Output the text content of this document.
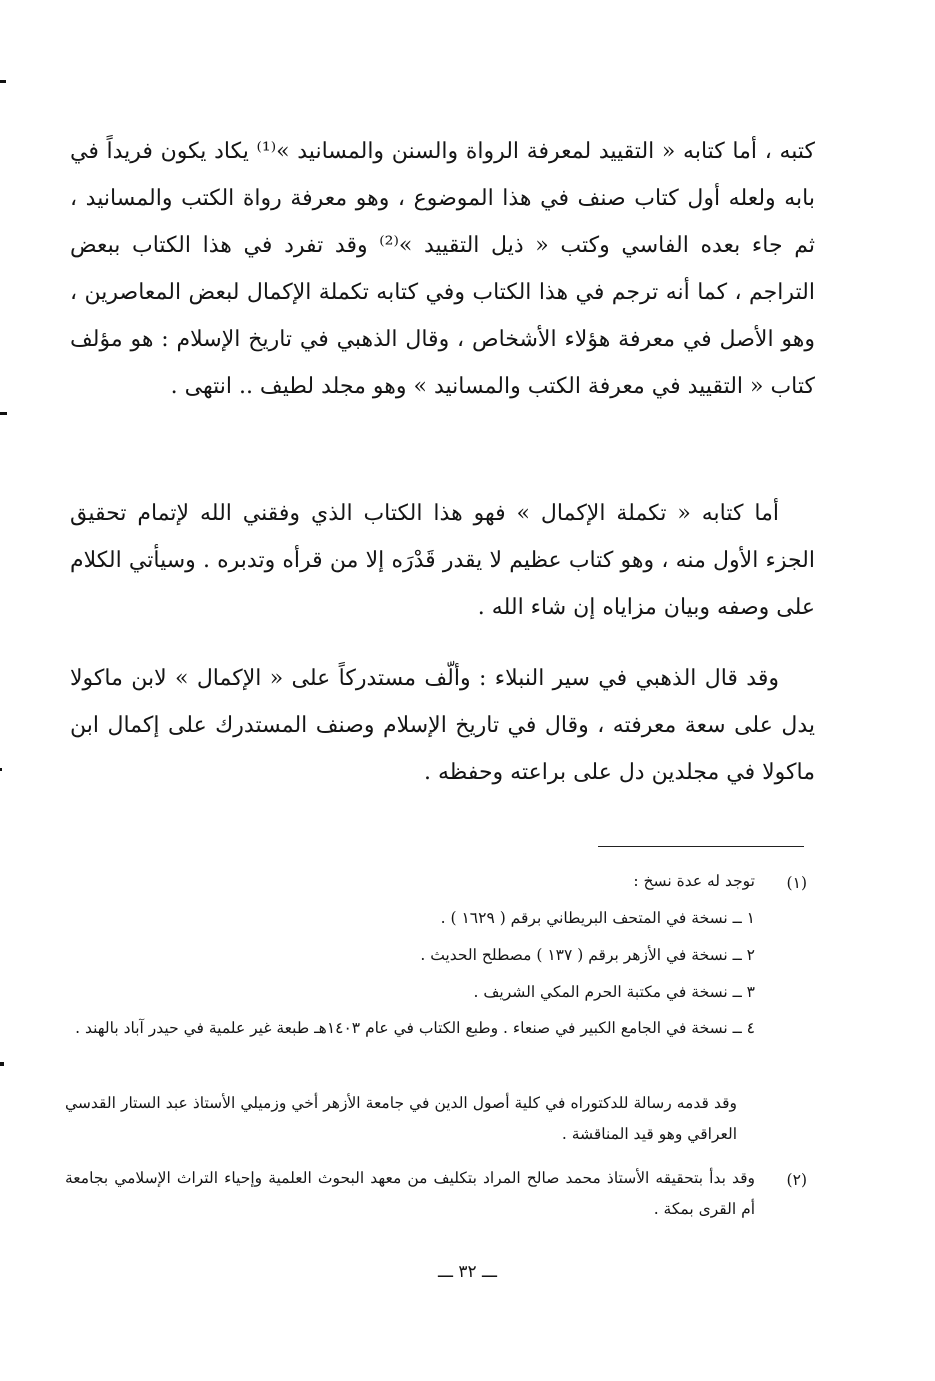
كتبه ، أما كتابه « التقييد لمعرفة الرواة والسنن والمسانيد »⁽¹⁾ يكاد يكون فريداً في بابه ولعله أول كتاب صنف في هذا الموضوع ، وهو معرفة رواة الكتب والمسانيد ، ثم جاء بعده الفاسي وكتب « ذيل التقييد »⁽²⁾ وقد تفرد في هذا الكتاب ببعض التراجم ، كما أنه ترجم في هذا الكتاب وفي كتابه تكملة الإكمال لبعض المعاصرين ، وهو الأصل في معرفة هؤلاء الأشخاص ، وقال الذهبي في تاريخ الإسلام : هو مؤلف كتاب « التقييد في معرفة الكتب والمسانيد » وهو مجلد لطيف .. انتهى .
أما كتابه « تكملة الإكمال » فهو هذا الكتاب الذي وفقني الله لإتمام تحقيق الجزء الأول منه ، وهو كتاب عظيم لا يقدر قَدْرَه إلا من قرأه وتدبره . وسيأتي الكلام على وصفه وبيان مزاياه إن شاء الله .
وقد قال الذهبي في سير النبلاء : وألّف مستدركاً على « الإكمال » لابن ماكولا يدل على سعة معرفته ، وقال في تاريخ الإسلام وصنف المستدرك على إكمال ابن ماكولا في مجلدين دل على براعته وحفظه .
(١)
توجد له عدة نسخ :
١ ــ نسخة في المتحف البريطاني برقم ( ١٦٢٩ ) .
٢ ــ نسخة في الأزهر برقم ( ١٣٧ ) مصطلح الحديث .
٣ ــ نسخة في مكتبة الحرم المكي الشريف .
٤ ــ نسخة في الجامع الكبير في صنعاء . وطبع الكتاب في عام ١٤٠٣هـ طبعة غير علمية في حيدر آباد بالهند .
وقد قدمه رسالة للدكتوراه في كلية أصول الدين في جامعة الأزهر أخي وزميلي الأستاذ عبد الستار القدسي العراقي وهو قيد المناقشة .
(٢)
وقد بدأ بتحقيقه الأستاذ محمد صالح المراد بتكليف من معهد البحوث العلمية وإحياء التراث الإسلامي بجامعة أم القرى بمكة .
ـــ ٣٢ ـــ
